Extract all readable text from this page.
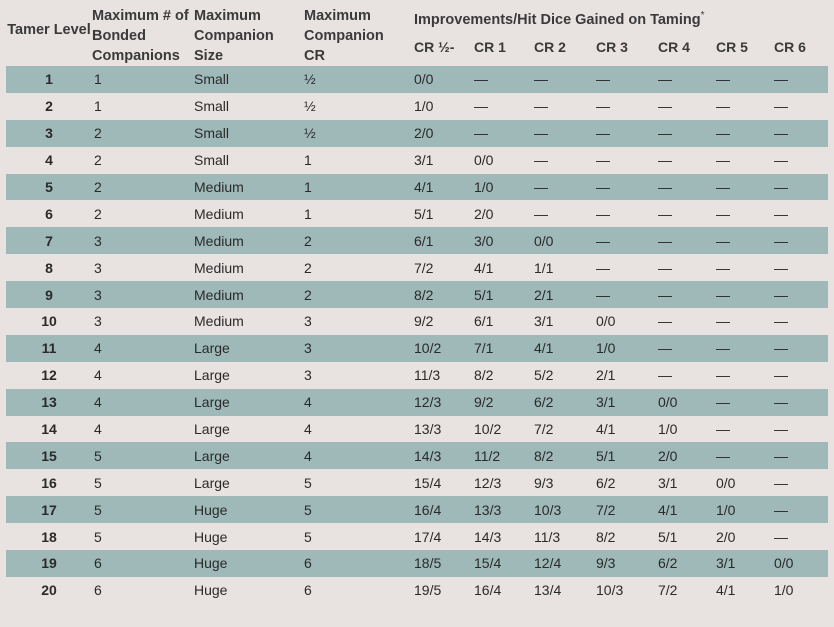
Tamer Level	Maximum # of Bonded Companions	Maximum Companion Size	Maximum Companion CR	Improvements/Hit Dice Gained on Taming*
				CR ½-	CR 1	CR 2	CR 3	CR 4	CR 5	CR 6
1	1	Small	½	0/0	—	—	—	—	—	—
2	1	Small	½	1/0	—	—	—	—	—	—
3	2	Small	½	2/0	—	—	—	—	—	—
4	2	Small	1	3/1	0/0	—	—	—	—	—
5	2	Medium	1	4/1	1/0	—	—	—	—	—
6	2	Medium	1	5/1	2/0	—	—	—	—	—
7	3	Medium	2	6/1	3/0	0/0	—	—	—	—
8	3	Medium	2	7/2	4/1	1/1	—	—	—	—
9	3	Medium	2	8/2	5/1	2/1	—	—	—	—
10	3	Medium	3	9/2	6/1	3/1	0/0	—	—	—
11	4	Large	3	10/2	7/1	4/1	1/0	—	—	—
12	4	Large	3	11/3	8/2	5/2	2/1	—	—	—
13	4	Large	4	12/3	9/2	6/2	3/1	0/0	—	—
14	4	Large	4	13/3	10/2	7/2	4/1	1/0	—	—
15	5	Large	4	14/3	11/2	8/2	5/1	2/0	—	—
16	5	Large	5	15/4	12/3	9/3	6/2	3/1	0/0	—
17	5	Huge	5	16/4	13/3	10/3	7/2	4/1	1/0	—
18	5	Huge	5	17/4	14/3	11/3	8/2	5/1	2/0	—
19	6	Huge	6	18/5	15/4	12/4	9/3	6/2	3/1	0/0
20	6	Huge	6	19/5	16/4	13/4	10/3	7/2	4/1	1/0
